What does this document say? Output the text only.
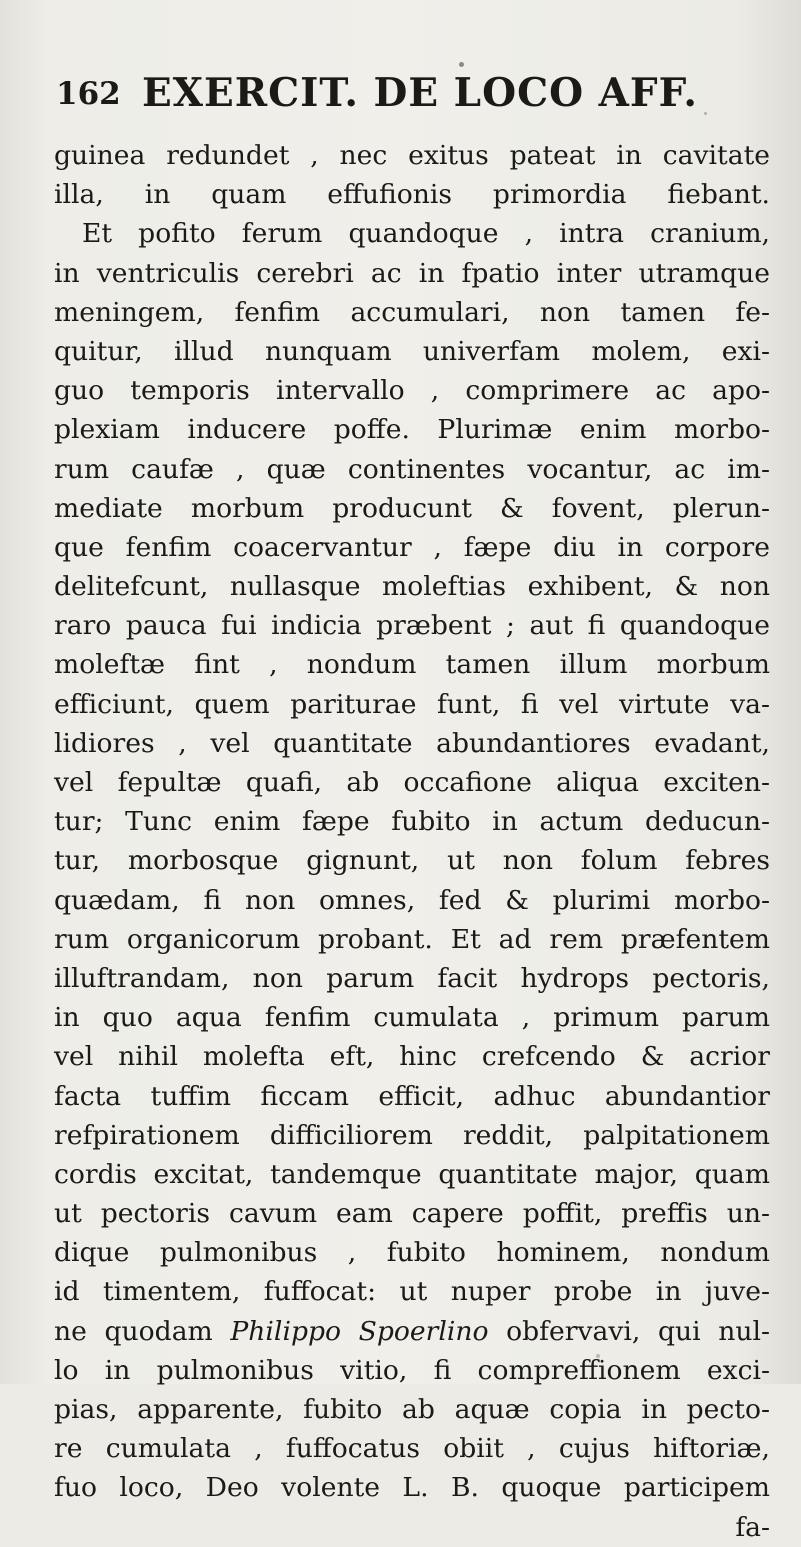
162 EXERCIT. DE LOCO AFF.
guinea redundet , nec exitus pateat in cavitate
illa, in quam effufionis primordia fiebant.
Et pofito ferum quandoque , intra cranium,
in ventriculis cerebri ac in fpatio inter utramque
meningem, fenfim accumulari, non tamen fe-
quitur, illud nunquam univerfam molem, exi-
guo temporis intervallo , comprimere ac apo-
plexiam inducere poffe. Plurimæ enim morbo-
rum caufæ , quæ continentes vocantur, ac im-
mediate morbum producunt & fovent, plerun-
que fenfim coacervantur , fæpe diu in corpore
delitefcunt, nullasque moleftias exhibent, & non
raro pauca fui indicia præbent ; aut fi quandoque
moleftæ fint , nondum tamen illum morbum
efficiunt, quem pariturae funt, fi vel virtute va-
lidiores , vel quantitate abundantiores evadant,
vel fepultæ quafi, ab occafione aliqua exciten-
tur; Tunc enim fæpe fubito in actum deducun-
tur, morbosque gignunt, ut non folum febres
quædam, fi non omnes, fed & plurimi morbo-
rum organicorum probant. Et ad rem præfentem
illuftrandam, non parum facit hydrops pectoris,
in quo aqua fenfim cumulata , primum parum
vel nihil molefta eft, hinc crefcendo & acrior
facta tuffim ficcam efficit, adhuc abundantior
refpirationem difficiliorem reddit, palpitationem
cordis excitat, tandemque quantitate major, quam
ut pectoris cavum eam capere poffit, preffis un-
dique pulmonibus , fubito hominem, nondum
id timentem, fuffocat: ut nuper probe in juve-
ne quodam Philippo Spoerlino obfervavi, qui nul-
lo in pulmonibus vitio, fi compreffionem exci-
pias, apparente, fubito ab aquæ copia in pecto-
re cumulata , fuffocatus obiit , cujus hiftoriæ,
fuo loco, Deo volente L. B. quoque participem
fa-
